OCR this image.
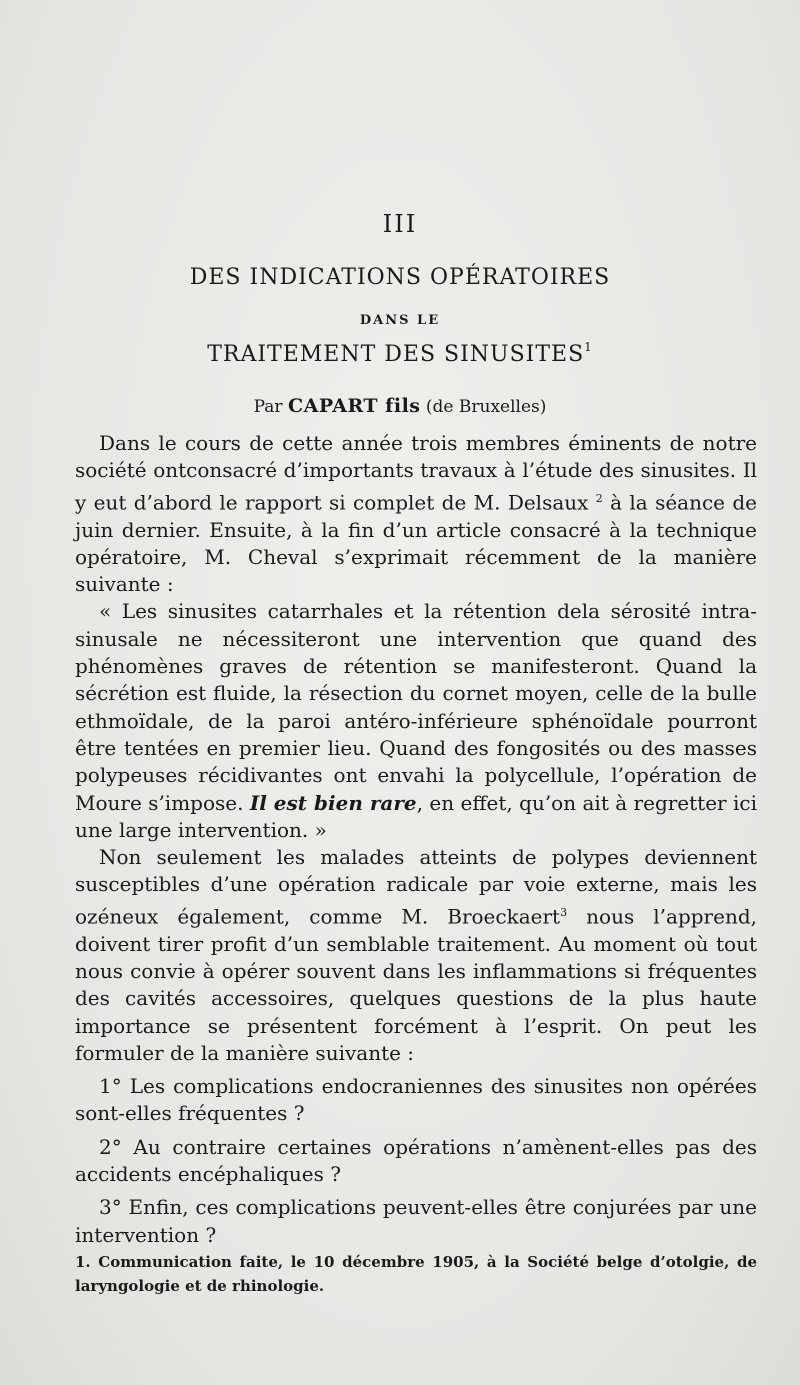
III
DES INDICATIONS OPÉRATOIRES
DANS LE
TRAITEMENT DES SINUSITES$^1$
Par CAPART fils (de Bruxelles)

Dans le cours de cette année trois membres éminents de notre société ontconsacré d’importants travaux à l’étude des sinusites. Il y eut d’abord le rapport si complet de M. Delsaux $^2$ à la séance de juin dernier. Ensuite, à la fin d’un article consacré à la technique opératoire, M. Cheval s’exprimait récemment de la manière suivante :

« Les sinusites catarrhales et la rétention dela sérosité intra-sinusale ne nécessiteront une intervention que quand des phénomènes graves de rétention se manifesteront. Quand la sécrétion est fluide, la résection du cornet moyen, celle de la bulle ethmoïdale, de la paroi antéro-inférieure sphénoïdale pourront être tentées en premier lieu. Quand des fongosités ou des masses polypeuses récidivantes ont envahi la polycellule, l’opération de Moure s’impose. Il est bien rare, en effet, qu’on ait à regretter ici une large intervention. »

Non seulement les malades atteints de polypes deviennent susceptibles d’une opération radicale par voie externe, mais les ozéneux également, comme M. Broeckaert$^3$ nous l’apprend, doivent tirer profit d’un semblable traitement. Au moment où tout nous convie à opérer souvent dans les inflammations si fréquentes des cavités accessoires, quelques questions de la plus haute importance se présentent forcément à l’esprit. On peut les formuler de la manière suivante :

1° Les complications endocraniennes des sinusites non opérées sont-elles fréquentes ?

2° Au contraire certaines opérations n’amènent-elles pas des accidents encéphaliques ?

3° Enfin, ces complications peuvent-elles être conjurées par une intervention ?

1. Communication faite, le 10 décembre 1905, à la Société belge d’otolgie, de laryngologie et de rhinologie.
